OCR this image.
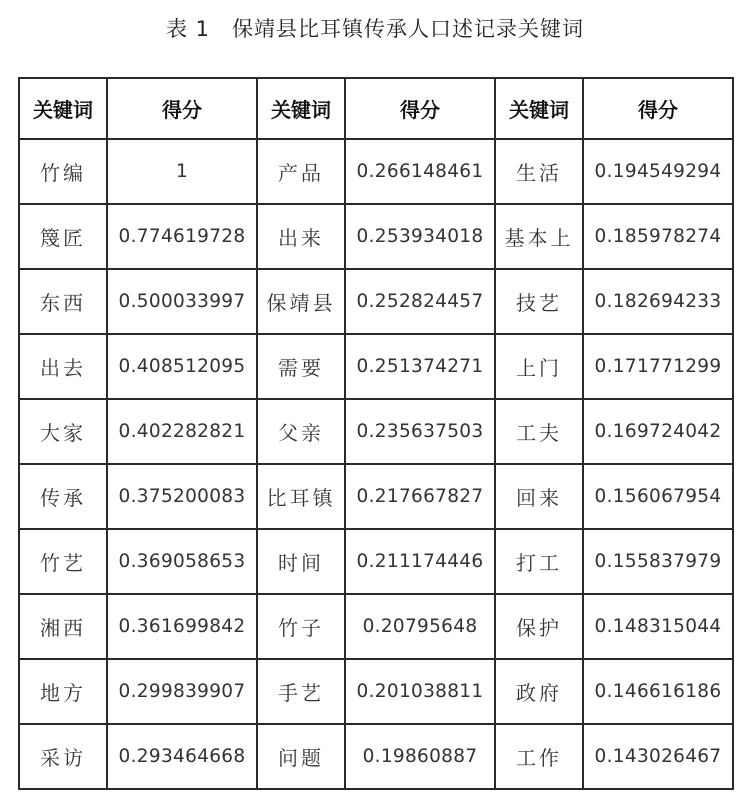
表 1　保靖县比耳镇传承人口述记录关键词
关键词	得分	关键词	得分	关键词	得分
竹编	1	产品	0.266148461	生活	0.194549294
篾匠	0.774619728	出来	0.253934018	基本上	0.185978274
东西	0.500033997	保靖县	0.252824457	技艺	0.182694233
出去	0.408512095	需要	0.251374271	上门	0.171771299
大家	0.402282821	父亲	0.235637503	工夫	0.169724042
传承	0.375200083	比耳镇	0.217667827	回来	0.156067954
竹艺	0.369058653	时间	0.211174446	打工	0.155837979
湘西	0.361699842	竹子	0.20795648	保护	0.148315044
地方	0.299839907	手艺	0.201038811	政府	0.146616186
采访	0.293464668	问题	0.19860887	工作	0.143026467
